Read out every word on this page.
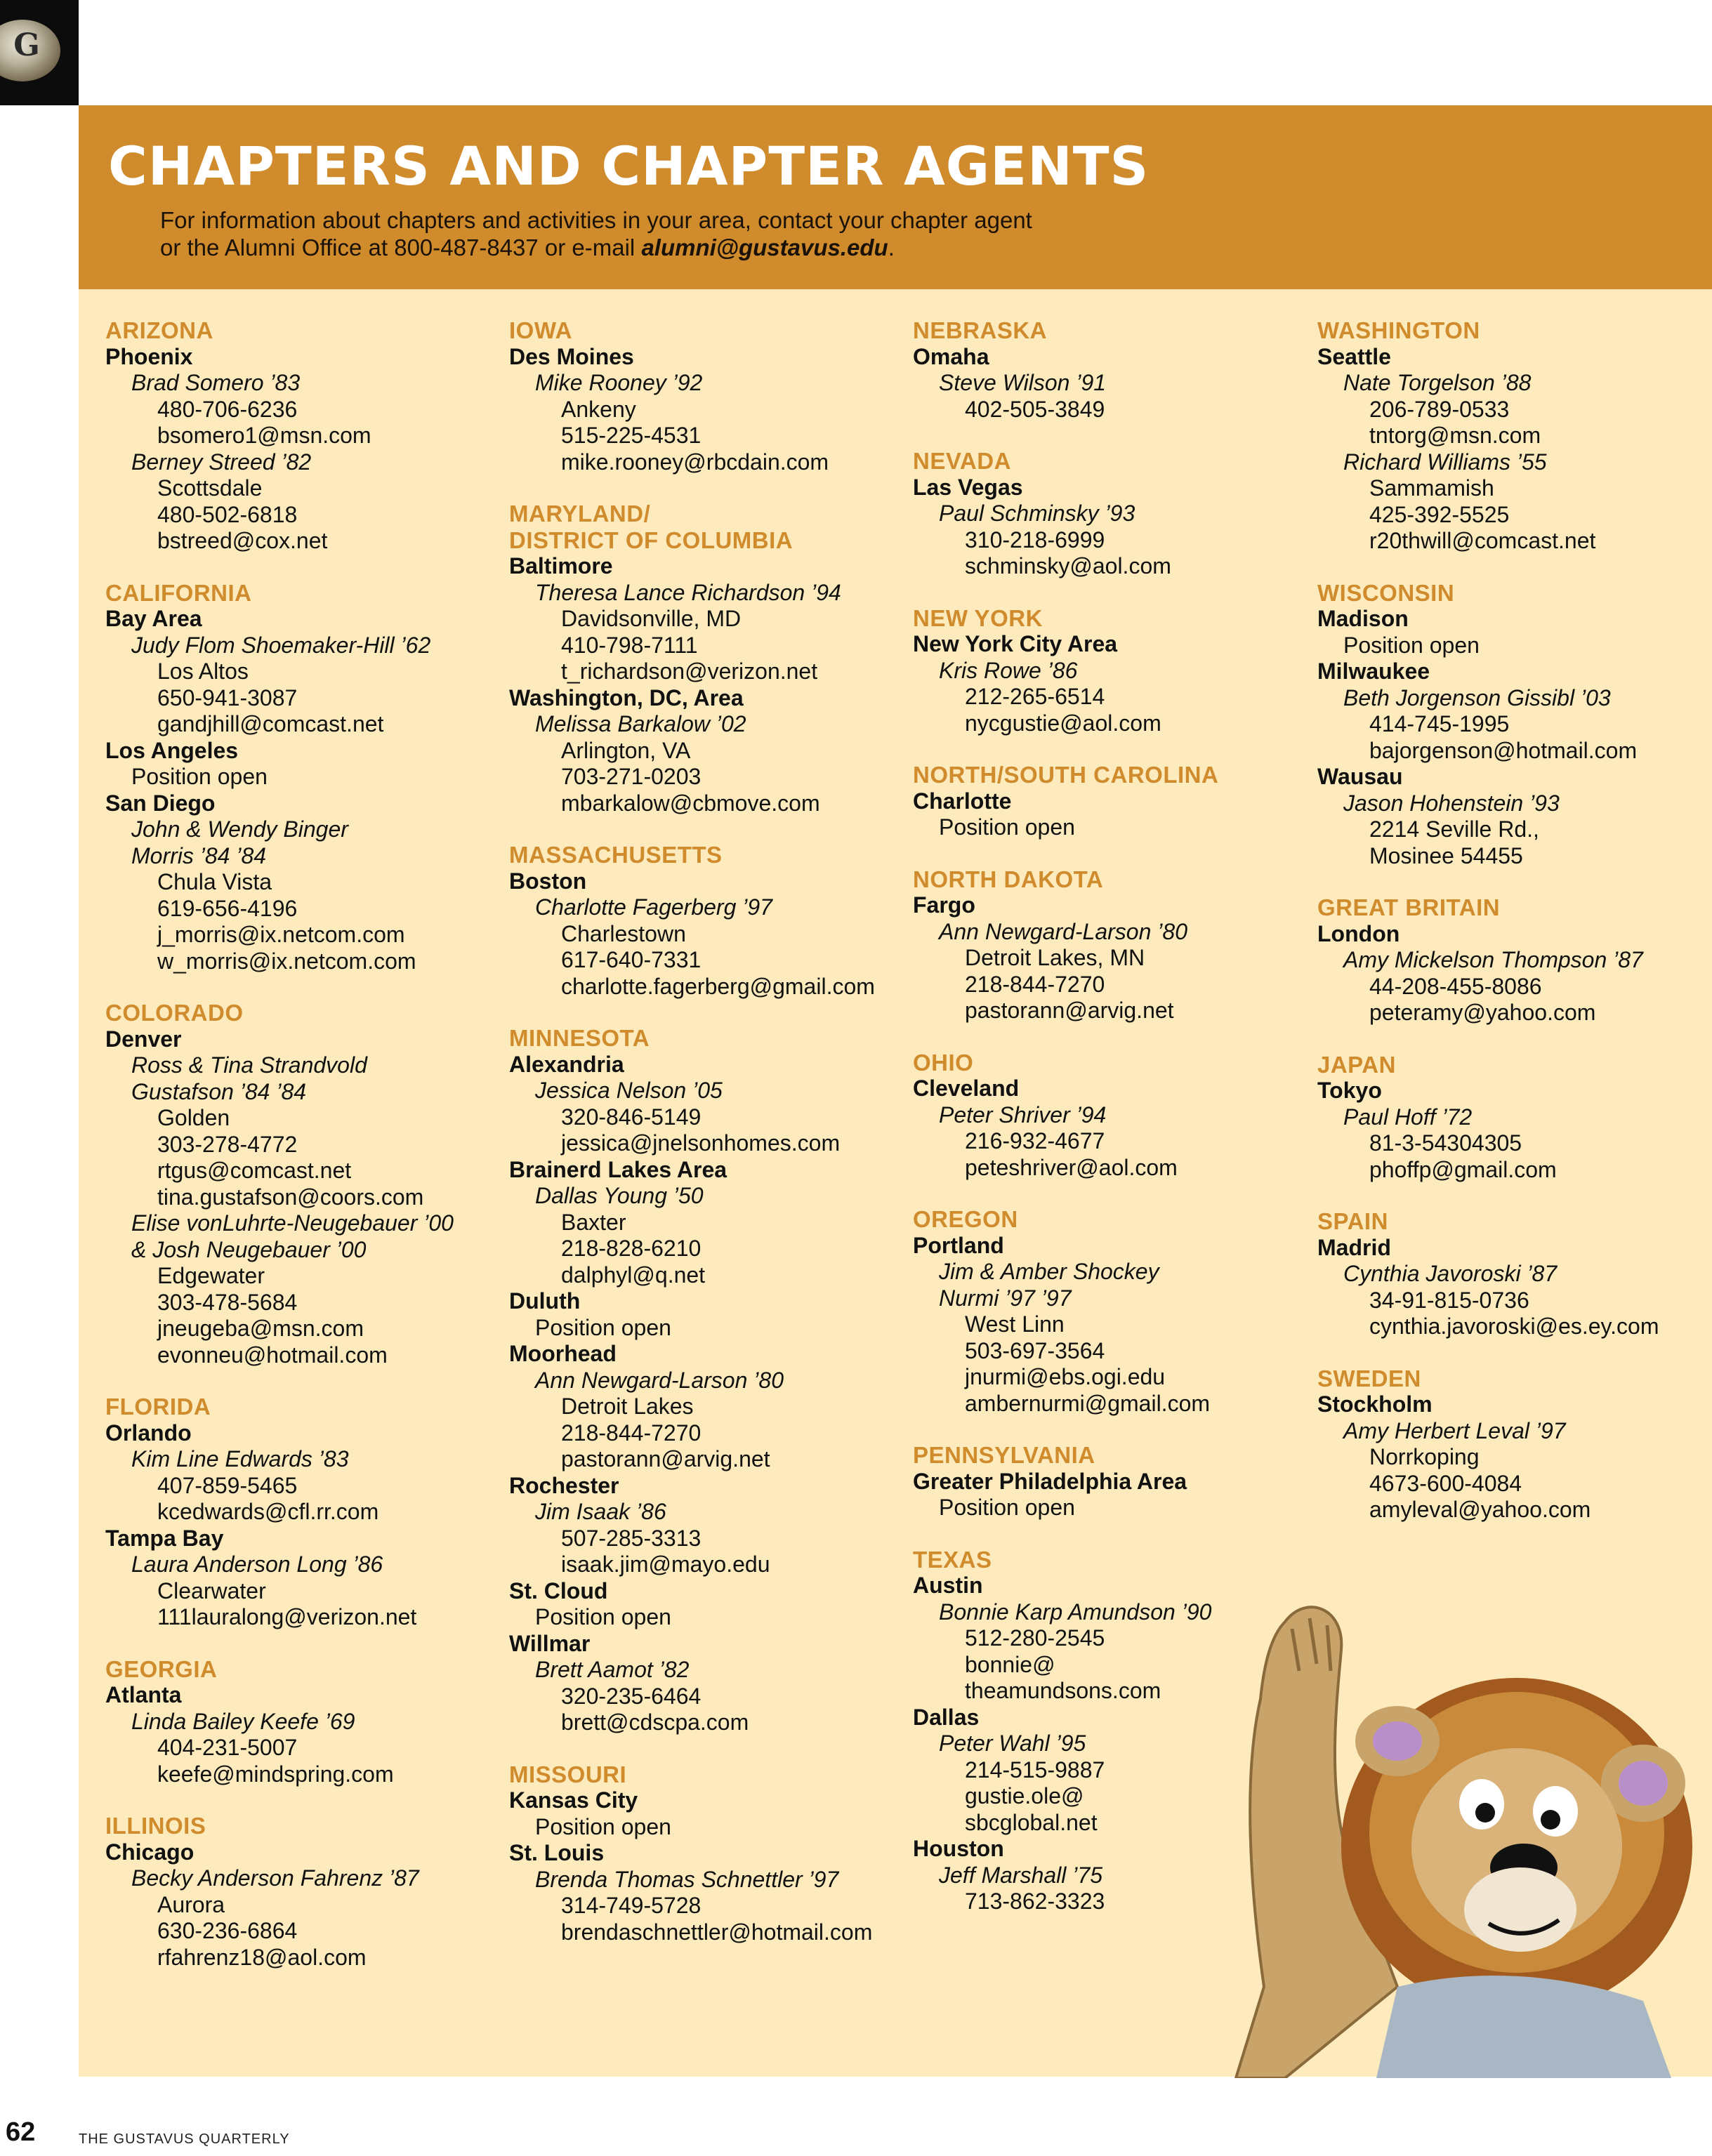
G
CHAPTERS AND CHAPTER AGENTS
For information about chapters and activities in your area, contact your chapter agent
or the Alumni Office at 800-487-8437 or e-mail alumni@gustavus.edu.
ARIZONA
Phoenix
Brad Somero ’83
480-706-6236
bsomero1@msn.com
Berney Streed ’82
Scottsdale
480-502-6818
bstreed@cox.net
CALIFORNIA
Bay Area
Judy Flom Shoemaker-Hill ’62
Los Altos
650-941-3087
gandjhill@comcast.net
Los Angeles
Position open
San Diego
John & Wendy Binger
Morris ’84 ’84
Chula Vista
619-656-4196
j_morris@ix.netcom.com
w_morris@ix.netcom.com
COLORADO
Denver
Ross & Tina Strandvold
Gustafson ’84 ’84
Golden
303-278-4772
rtgus@comcast.net
tina.gustafson@coors.com
Elise vonLuhrte-Neugebauer ’00
& Josh Neugebauer ’00
Edgewater
303-478-5684
jneugeba@msn.com
evonneu@hotmail.com
FLORIDA
Orlando
Kim Line Edwards ’83
407-859-5465
kcedwards@cfl.rr.com
Tampa Bay
Laura Anderson Long ’86
Clearwater
111lauralong@verizon.net
GEORGIA
Atlanta
Linda Bailey Keefe ’69
404-231-5007
keefe@mindspring.com
ILLINOIS
Chicago
Becky Anderson Fahrenz ’87
Aurora
630-236-6864
rfahrenz18@aol.com
IOWA
Des Moines
Mike Rooney ’92
Ankeny
515-225-4531
mike.rooney@rbcdain.com
MARYLAND/
DISTRICT OF COLUMBIA
Baltimore
Theresa Lance Richardson ’94
Davidsonville, MD
410-798-7111
t_richardson@verizon.net
Washington, DC, Area
Melissa Barkalow ’02
Arlington, VA
703-271-0203
mbarkalow@cbmove.com
MASSACHUSETTS
Boston
Charlotte Fagerberg ’97
Charlestown
617-640-7331
charlotte.fagerberg@gmail.com
MINNESOTA
Alexandria
Jessica Nelson ’05
320-846-5149
jessica@jnelsonhomes.com
Brainerd Lakes Area
Dallas Young ’50
Baxter
218-828-6210
dalphyl@q.net
Duluth
Position open
Moorhead
Ann Newgard-Larson ’80
Detroit Lakes
218-844-7270
pastorann@arvig.net
Rochester
Jim Isaak ’86
507-285-3313
isaak.jim@mayo.edu
St. Cloud
Position open
Willmar
Brett Aamot ’82
320-235-6464
brett@cdscpa.com
MISSOURI
Kansas City
Position open
St. Louis
Brenda Thomas Schnettler ’97
314-749-5728
brendaschnettler@hotmail.com
NEBRASKA
Omaha
Steve Wilson ’91
402-505-3849
NEVADA
Las Vegas
Paul Schminsky ’93
310-218-6999
schminsky@aol.com
NEW YORK
New York City Area
Kris Rowe ’86
212-265-6514
nycgustie@aol.com
NORTH/SOUTH CAROLINA
Charlotte
Position open
NORTH DAKOTA
Fargo
Ann Newgard-Larson ’80
Detroit Lakes, MN
218-844-7270
pastorann@arvig.net
OHIO
Cleveland
Peter Shriver ’94
216-932-4677
peteshriver@aol.com
OREGON
Portland
Jim & Amber Shockey
Nurmi ’97 ’97
West Linn
503-697-3564
jnurmi@ebs.ogi.edu
ambernurmi@gmail.com
PENNSYLVANIA
Greater Philadelphia Area
Position open
TEXAS
Austin
Bonnie Karp Amundson ’90
512-280-2545
bonnie@
theamundsons.com
Dallas
Peter Wahl ’95
214-515-9887
gustie.ole@
sbcglobal.net
Houston
Jeff Marshall ’75
713-862-3323
WASHINGTON
Seattle
Nate Torgelson ’88
206-789-0533
tntorg@msn.com
Richard Williams ’55
Sammamish
425-392-5525
r20thwill@comcast.net
WISCONSIN
Madison
Position open
Milwaukee
Beth Jorgenson Gissibl ’03
414-745-1995
bajorgenson@hotmail.com
Wausau
Jason Hohenstein ’93
2214 Seville Rd.,
Mosinee 54455
GREAT BRITAIN
London
Amy Mickelson Thompson ’87
44-208-455-8086
peteramy@yahoo.com
JAPAN
Tokyo
Paul Hoff ’72
81-3-54304305
phoffp@gmail.com
SPAIN
Madrid
Cynthia Javoroski ’87
34-91-815-0736
cynthia.javoroski@es.ey.com
SWEDEN
Stockholm
Amy Herbert Leval ’97
Norrkoping
4673-600-4084
amyleval@yahoo.com
62	THE GUSTAVUS QUARTERLY
